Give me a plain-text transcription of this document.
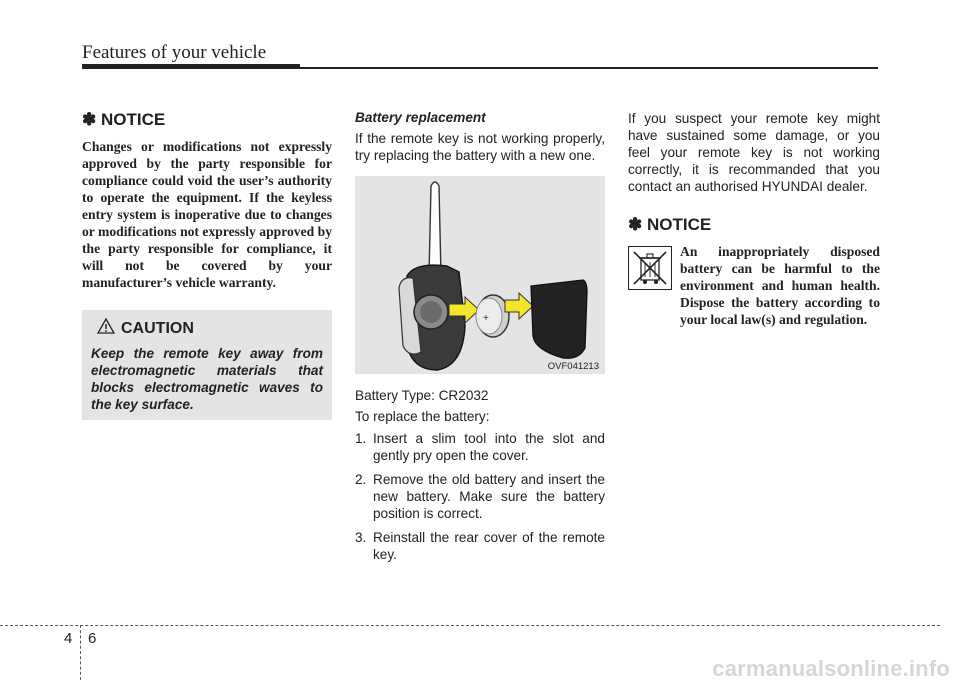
Features of your vehicle

✽ NOTICE

Changes or modifications not expressly approved by the party responsible for compliance could void the user’s authority to operate the equipment. If the keyless entry system is inoperative due to changes or modifications not expressly approved by the party responsible for compliance, it will not be covered by your manufacturer’s vehicle warranty.

CAUTION

Keep the remote key away from electromagnetic materials that blocks electromagnetic waves to the key surface.

Battery replacement

If the remote key is not working properly, try replacing the battery with a new one.

+
OVF041213

Battery Type: CR2032

To replace the battery:

1. Insert a slim tool into the slot and gently pry open the cover.
2. Remove the old battery and insert the new battery. Make sure the battery position is correct.
3. Reinstall the rear cover of the remote key.

If you suspect your remote key might have sustained some damage, or you feel your remote key is not working correctly, it is recommanded that you contact an authorised HYUNDAI dealer.

✽ NOTICE

An inappropriately disposed battery can be harmful to the environment and human health. Dispose the battery according to your local law(s) and regulation.

4 6
carmanualsonline.info
